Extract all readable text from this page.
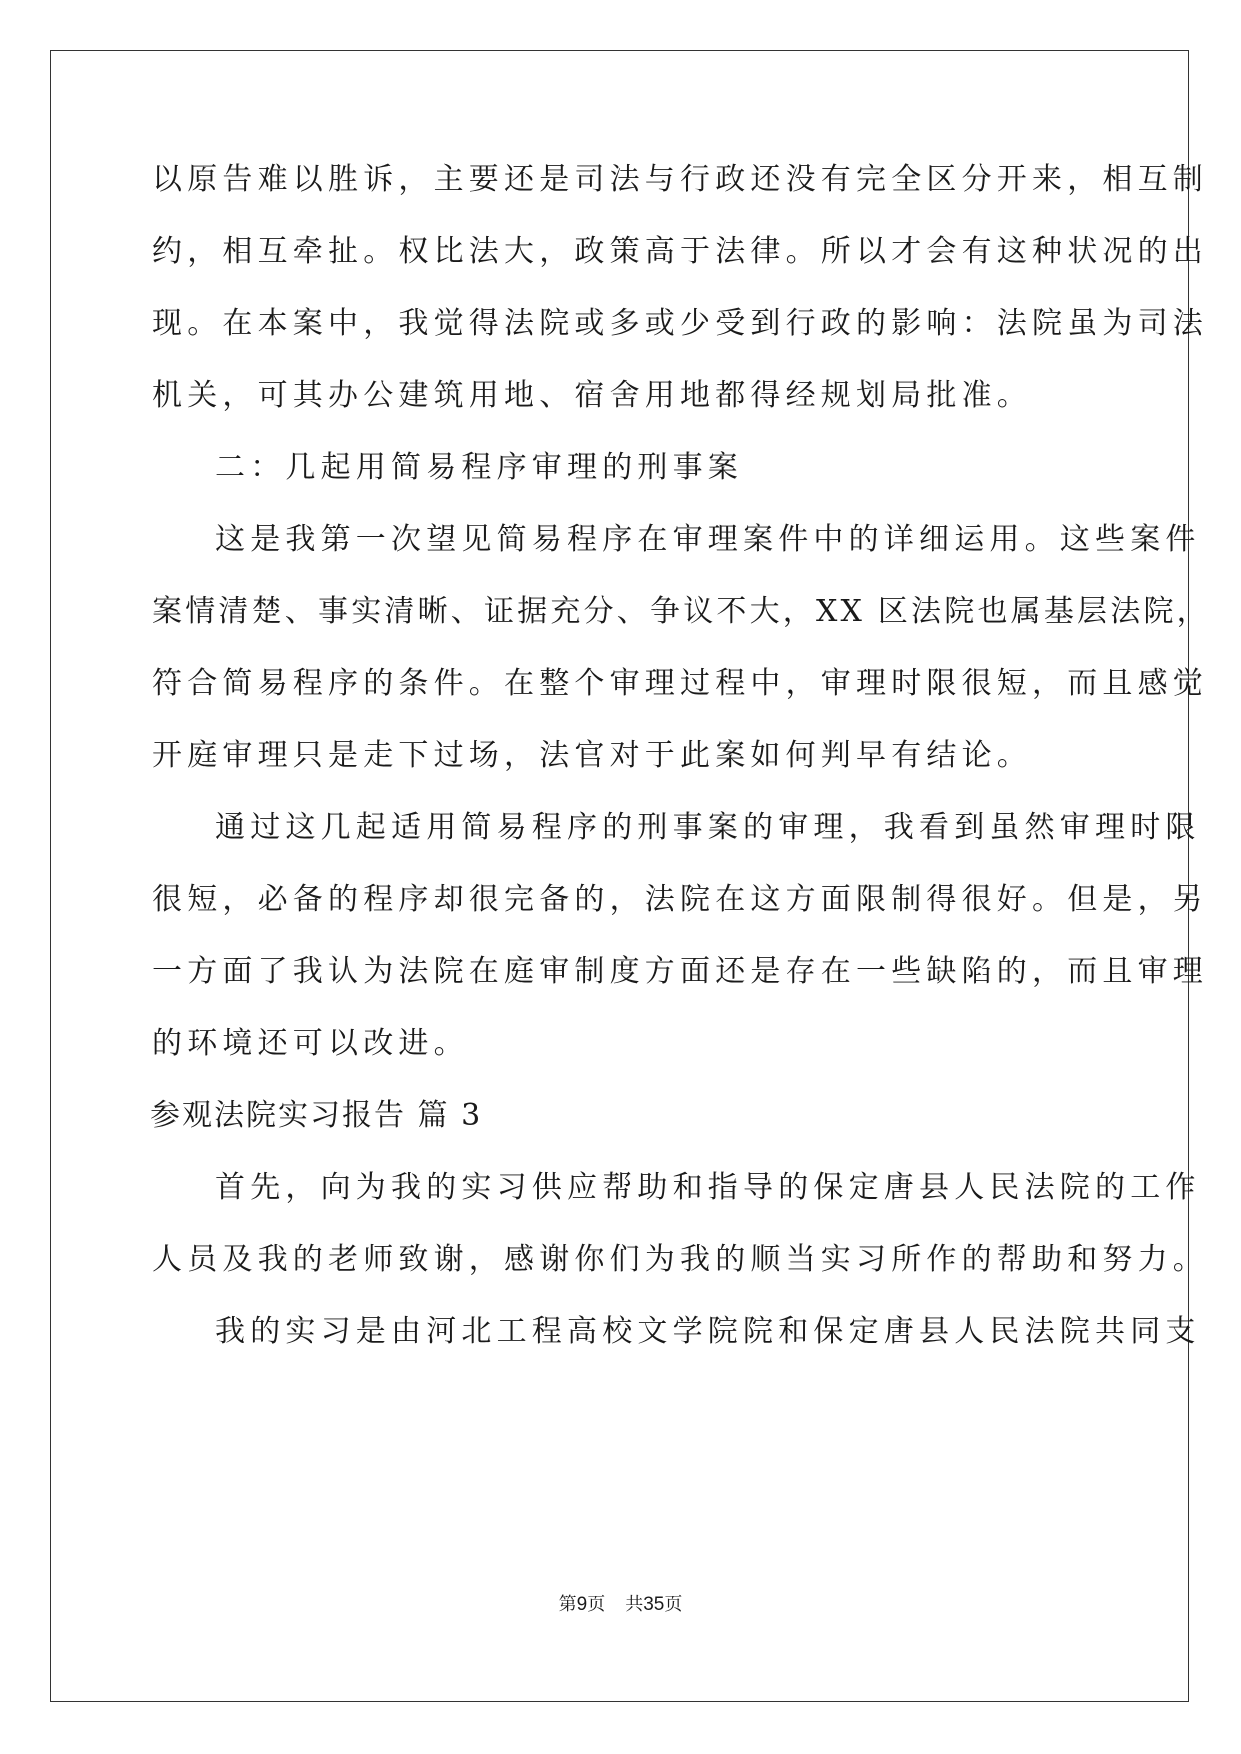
以原告难以胜诉，主要还是司法与行政还没有完全区分开来，相互制
约，相互牵扯。权比法大，政策高于法律。所以才会有这种状况的出
现。在本案中，我觉得法院或多或少受到行政的影响：法院虽为司法
机关，可其办公建筑用地、宿舍用地都得经规划局批准。
二：几起用简易程序审理的刑事案
这是我第一次望见简易程序在审理案件中的详细运用。这些案件
案情清楚、事实清晰、证据充分、争议不大，XX 区法院也属基层法院，
符合简易程序的条件。在整个审理过程中，审理时限很短，而且感觉
开庭审理只是走下过场，法官对于此案如何判早有结论。
通过这几起适用简易程序的刑事案的审理，我看到虽然审理时限
很短，必备的程序却很完备的，法院在这方面限制得很好。但是，另
一方面了我认为法院在庭审制度方面还是存在一些缺陷的，而且审理
的环境还可以改进。
参观法院实习报告 篇 3
首先，向为我的实习供应帮助和指导的保定唐县人民法院的工作
人员及我的老师致谢，感谢你们为我的顺当实习所作的帮助和努力。
我的实习是由河北工程高校文学院院和保定唐县人民法院共同支
第9页 共35页
